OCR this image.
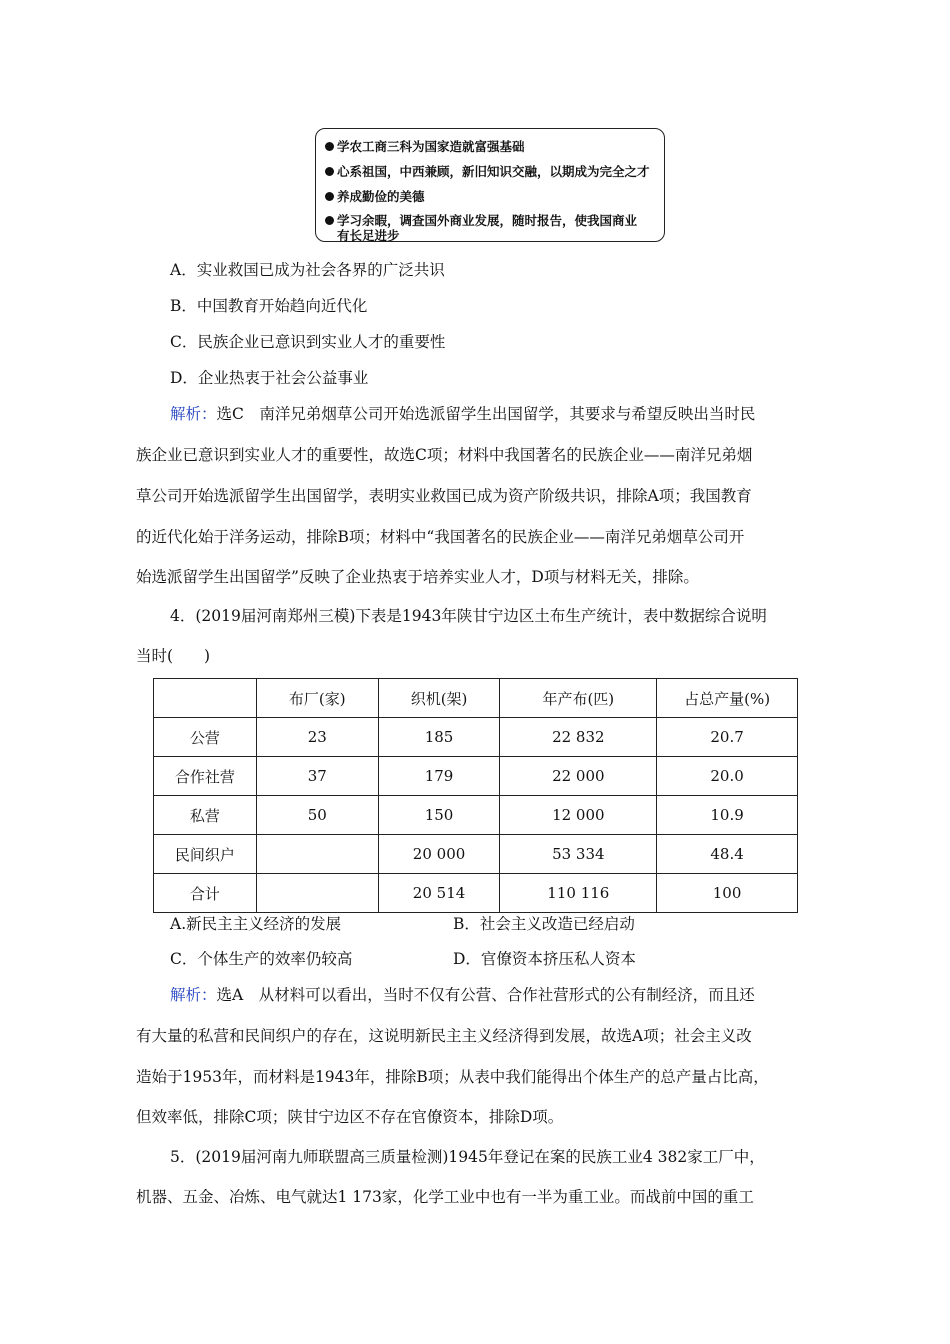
学农工商三科为国家造就富强基础
心系祖国，中西兼顾，新旧知识交融，以期成为完全之才
养成勤俭的美德
学习余暇，调查国外商业发展，随时报告，使我国商业
有长足进步
A．实业救国已成为社会各界的广泛共识
B．中国教育开始趋向近代化
C．民族企业已意识到实业人才的重要性
D．企业热衷于社会公益事业
解析：选C　南洋兄弟烟草公司开始选派留学生出国留学，其要求与希望反映出当时民
族企业已意识到实业人才的重要性，故选C项；材料中我国著名的民族企业——南洋兄弟烟
草公司开始选派留学生出国留学，表明实业救国已成为资产阶级共识，排除A项；我国教育
的近代化始于洋务运动，排除B项；材料中“我国著名的民族企业——南洋兄弟烟草公司开
始选派留学生出国留学”反映了企业热衷于培养实业人才，D项与材料无关，排除。
4．(2019届河南郑州三模)下表是1943年陕甘宁边区土布生产统计，表中数据综合说明
当时(　　)
	布厂(家)	织机(架)	年产布(匹)	占总产量(%)
公营	23	185	22 832	20.7
合作社营	37	179	22 000	20.0
私营	50	150	12 000	10.9
民间织户		20 000	53 334	48.4
合计		20 514	110 116	100
A.新民主主义经济的发展	B．社会主义改造已经启动
C．个体生产的效率仍较高	D．官僚资本挤压私人资本
解析：选A　从材料可以看出，当时不仅有公营、合作社营形式的公有制经济，而且还
有大量的私营和民间织户的存在，这说明新民主主义经济得到发展，故选A项；社会主义改
造始于1953年，而材料是1943年，排除B项；从表中我们能得出个体生产的总产量占比高，
但效率低，排除C项；陕甘宁边区不存在官僚资本，排除D项。
5．(2019届河南九师联盟高三质量检测)1945年登记在案的民族工业4 382家工厂中，
机器、五金、冶炼、电气就达1 173家，化学工业中也有一半为重工业。而战前中国的重工
